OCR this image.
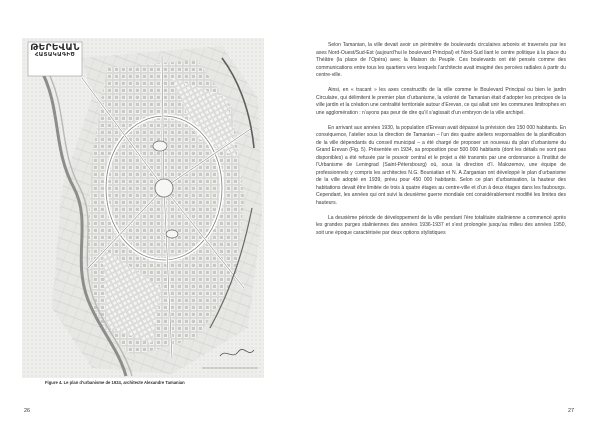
ԹԵՐԵՎԱՆ
ՀԱՏԱԿԱԳԻԾ
Figure 4. Le plan d’urbanisme de 1924, architecte Alexandre Tamanian

Selon Tamanian, la ville devait avoir un périmètre de boulevards circulaires arborés et traversés par les axes Nord-Ouest/Sud-Est (aujourd’hui le boulevard Principal) et Nord-Sud liant le centre politique à la place du Théâtre (la place de l’Opéra) avec la Maison du Peuple. Ces boulevards ont été pensés comme des communications entre tous les quartiers vers lesquels l’architecte avait imaginé des percées radiales à partir du centre-ville.

Ainsi, en « tracant » les axes constructifs de la ville comme le Boulevard Principal ou bien le jardin Circulaire, qui délimitent le premier plan d’urbanisme, la volonté de Tamanian était d’adopter les principes de la ville jardin et la création une centralité territoriale autour d’Erevan, ce qui allait unir les communes limitrophes en une agglomération : n’ayons pas peur de dire qu’il s’agissait d’un embryon de la ville archipel.

En arrivant aux années 1930, la population d’Erevan avait dépassé la prévision des 150 000 habitants. En conséquence, l’atelier sous la direction de Tamanian – l’un des quatre ateliers responsables de la planification de la ville dépendants du conseil municipal – a été chargé de proposer un nouveau du plan d’urbanisme du Grand Erevan (Fig. 5). Présentée en 1934, sa proposition pour 500 000 habitants (dont les détails ne sont pas disponibles) a été refusée par le pouvoir central et le projet a été transmis par une ordonnance à l’institut de l’Urbanisme de Leningrad (Saint-Pétersbourg) où, sous la direction d’I. Malozemov, une équipe de professionnels y compris les architectes N.G. Bouniatian et N. A Zarganian ont développé le plan d’urbanisme de la ville adopté en 1939, prévu pour 450 000 habitants. Selon ce plan d’urbanisation, la hauteur des habitations devait être limitée de trois à quatre étages au centre-ville et d’un à deux étages dans les faubourgs. Cependant, les années qui ont suivi la deuxième guerre mondiale ont considérablement modifié les limites des hauteurs.

La deuxième période de développement de la ville pendant l’ère totalitaire stalinienne a commencé après les grandes purges staliniennes des années 1936-1937 et s’est prolongée jusqu’au milieu des années 1950, soit une époque caractérisée par deux options stylistiques

26	27
